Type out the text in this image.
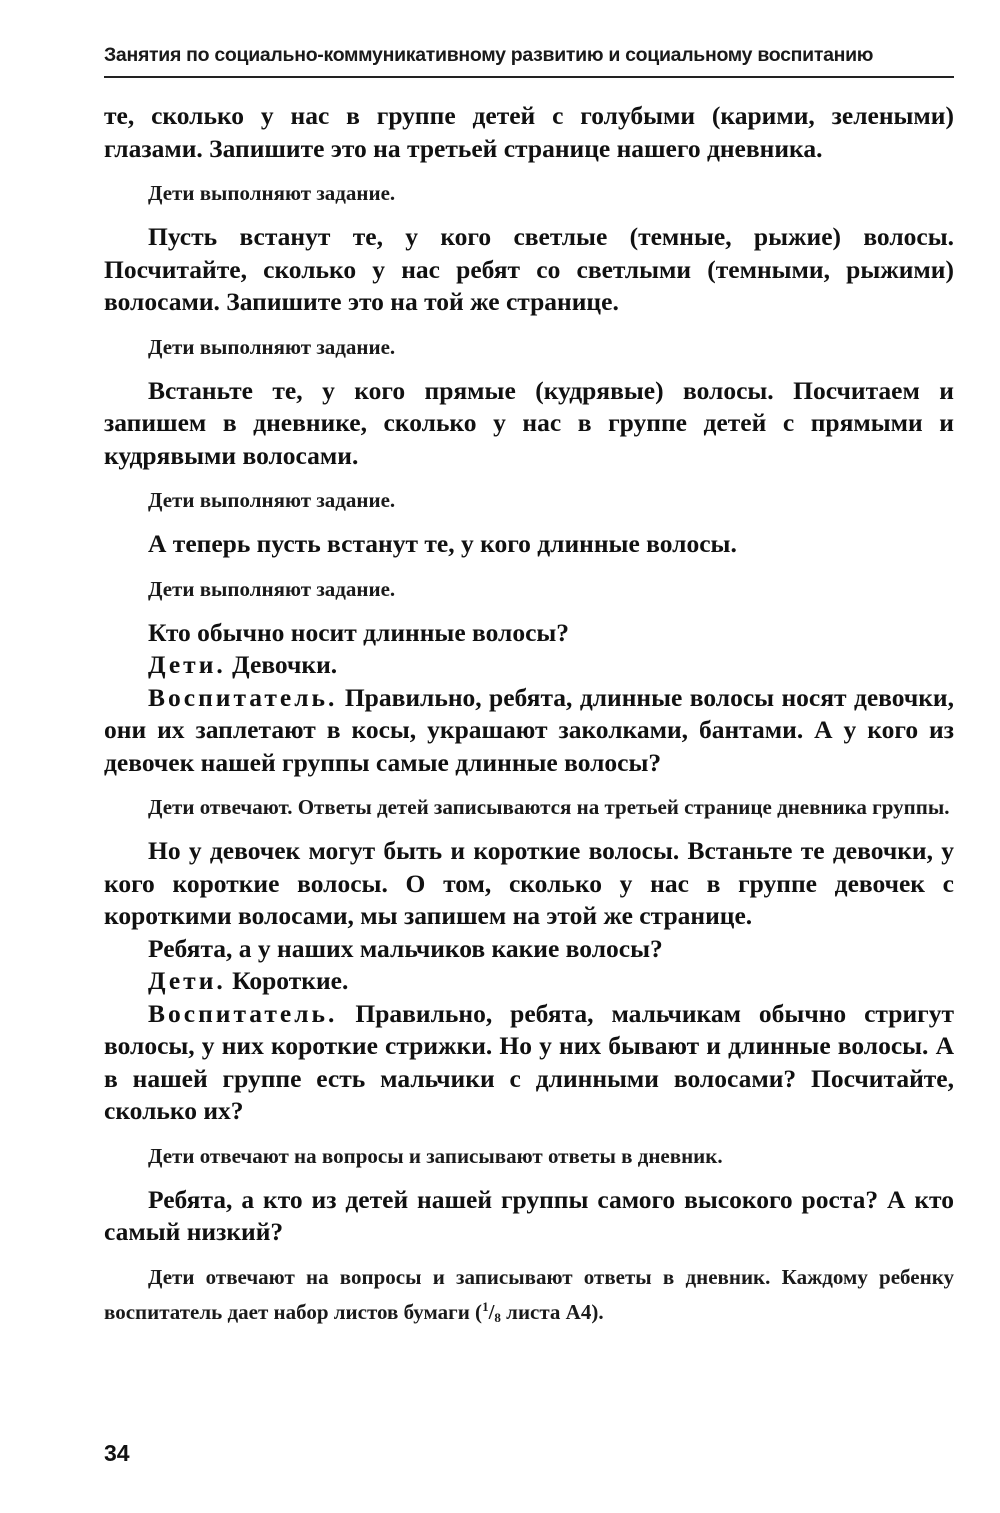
Занятия по социально-коммуникативному развитию и социальному воспитанию

те, сколько у нас в группе детей с голубыми (карими, зелеными) глазами. Запишите это на третьей странице нашего дневника.

Дети выполняют задание.

Пусть встанут те, у кого светлые (темные, рыжие) волосы. Посчитайте, сколько у нас ребят со светлыми (темными, рыжими) волосами. Запишите это на той же странице.

Дети выполняют задание.

Встаньте те, у кого прямые (кудрявые) волосы. Посчитаем и запишем в дневнике, сколько у нас в группе детей с прямыми и кудрявыми волосами.

Дети выполняют задание.

А теперь пусть встанут те, у кого длинные волосы.

Дети выполняют задание.

Кто обычно носит длинные волосы?

Дети. Девочки.

Воспитатель. Правильно, ребята, длинные волосы носят девочки, они их заплетают в косы, украшают заколками, бантами. А у кого из девочек нашей группы самые длинные волосы?

Дети отвечают. Ответы детей записываются на третьей странице дневника группы.

Но у девочек могут быть и короткие волосы. Встаньте те девочки, у кого короткие волосы. О том, сколько у нас в группе девочек с короткими волосами, мы запишем на этой же странице.

Ребята, а у наших мальчиков какие волосы?

Дети. Короткие.

Воспитатель. Правильно, ребята, мальчикам обычно стригут волосы, у них короткие стрижки. Но у них бывают и длинные волосы. А в нашей группе есть мальчики с длинными волосами? Посчитайте, сколько их?

Дети отвечают на вопросы и записывают ответы в дневник.

Ребята, а кто из детей нашей группы самого высокого роста? А кто самый низкий?

Дети отвечают на вопросы и записывают ответы в дневник. Каждому ребенку воспитатель дает набор листов бумаги ($^1/_8$ листа А4).

34
